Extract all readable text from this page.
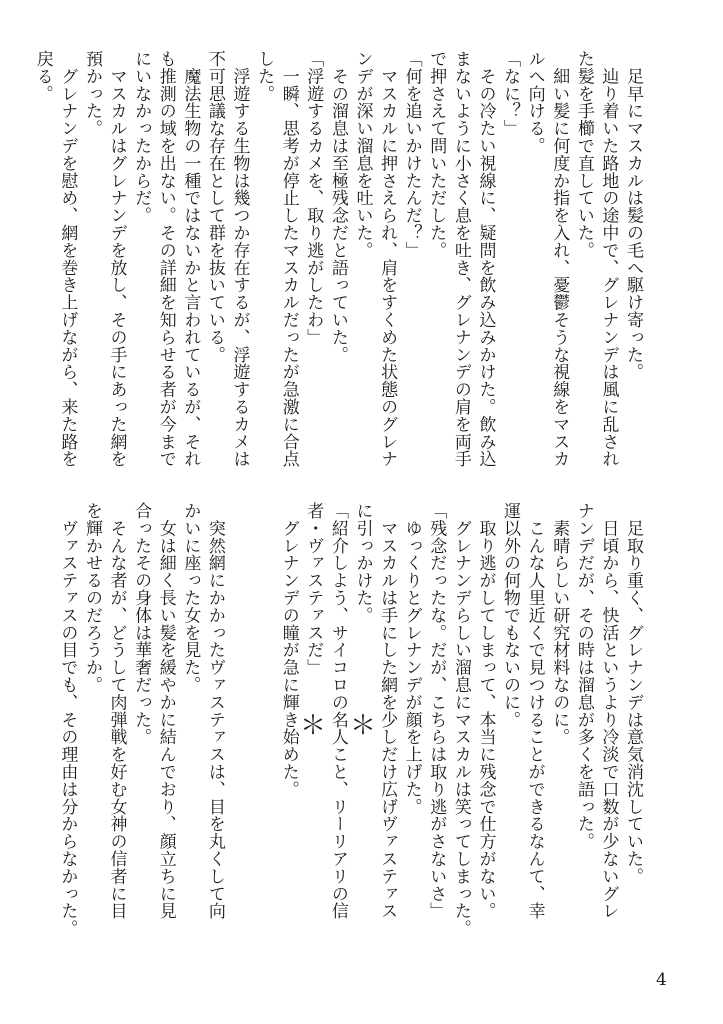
　足早にマスカルは髪の毛へ駆け寄った。

　辿り着いた路地の途中で、グレナンデは風に乱され

た髪を手櫛で直していた。

　細い髪に何度か指を入れ、憂鬱そうな視線をマスカ

ルへ向ける。

「なに？」

　その冷たい視線に、疑問を飲み込みかけた。飲み込

まないように小さく息を吐き、グレナンデの肩を両手

で押さえて問いただした。

「何を追いかけたんだ？」

　マスカルに押さえられ、肩をすくめた状態のグレナ

ンデが深い溜息を吐いた。

　その溜息は至極残念だと語っていた。

「浮遊するカメを、取り逃がしたわ」

　一瞬、思考が停止したマスカルだったが急激に合点

した。

　浮遊する生物は幾つか存在するが、浮遊するカメは

不可思議な存在として群を抜いている。

　魔法生物の一種ではないかと言われているが、それ

も推測の域を出ない。その詳細を知らせる者が今まで

にいなかったからだ。

　マスカルはグレナンデを放し、その手にあった網を

預かった。

　グレナンデを慰め、網を巻き上げながら、来た路を

戻る。

　足取り重く、グレナンデは意気消沈していた。

　日頃から、快活というより冷淡で口数が少ないグレ

ナンデだが、その時は溜息が多くを語った。

　素晴らしい研究材料なのに。

　こんな人里近くで見つけることができるなんて、幸

運以外の何物でもないのに。

　取り逃がしてしまって、本当に残念で仕方がない。

　グレナンデらしい溜息にマスカルは笑ってしまった。

「残念だったな。だが、こちらは取り逃がさないさ」

　ゆっくりとグレナンデが顔を上げた。

　マスカルは手にした網を少しだけ広げヴァステァス

に引っかけた。

「紹介しよう、サイコロの名人こと、リーリアリの信

者・ヴァステァスだ」

　グレナンデの瞳が急に輝き始めた。

　突然網にかかったヴァステァスは、目を丸くして向

かいに座った女を見た。

　女は細く長い髪を緩やかに結んでおり、顔立ちに見

合ったその身体は華奢だった。

　そんな者が、どうして肉弾戦を好む女神の信者に目

を輝かせるのだろうか。

　ヴァステァスの目でも、その理由は分からなかった。	＊＊
4
